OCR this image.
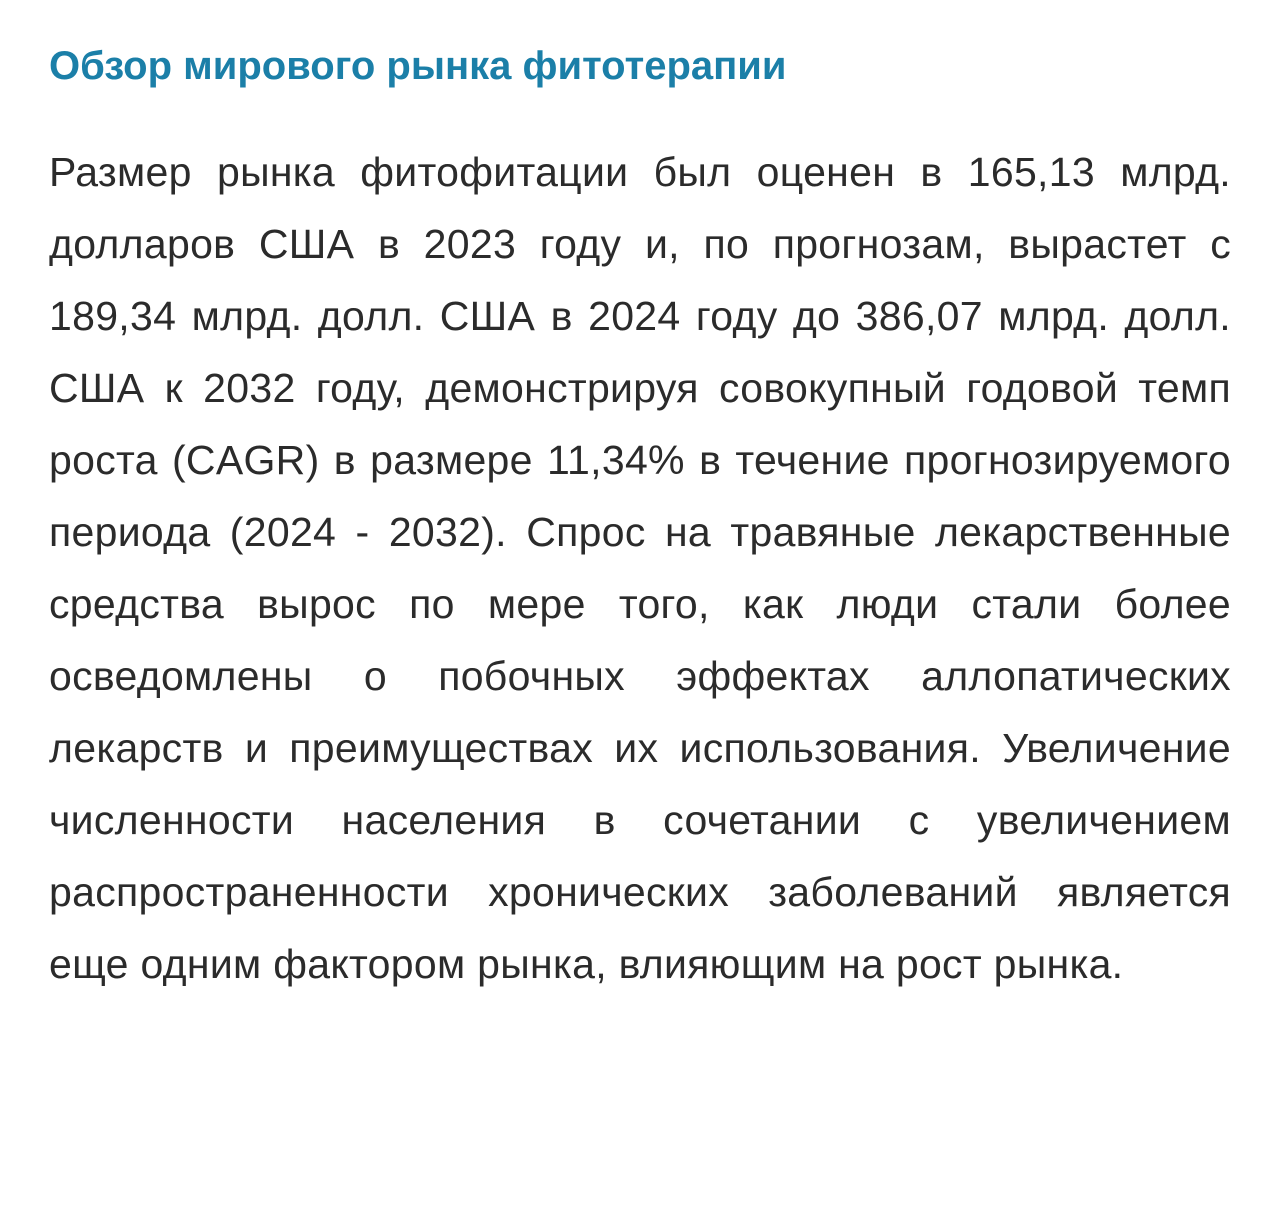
Обзор мирового рынка фитотерапии

Размер рынка фитофитации был оценен в 165,13 млрд. долларов США в 2023 году и, по прогнозам, вырастет с 189,34 млрд. долл. США в 2024 году до 386,07 млрд. долл. США к 2032 году, демонстрируя совокупный годовой темп роста (CAGR) в размере 11,34% в течение прогнозируемого периода (2024 - 2032). Спрос на травяные лекарственные средства вырос по мере того, как люди стали более осведомлены о побочных эффектах аллопатических лекарств и преимуществах их использования. Увеличение численности населения в сочетании с увеличением распространенности хронических заболеваний является еще одним фактором рынка, влияющим на рост рынка.
